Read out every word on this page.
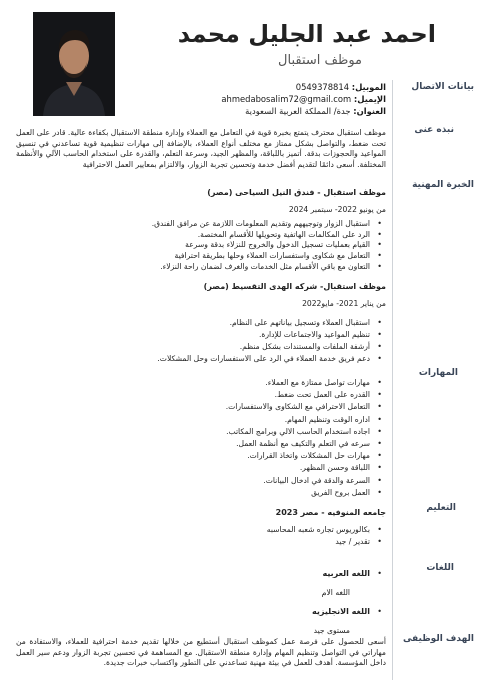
احمد عبد الجليل محمد
موظف استقبال
بيانات الاتصال
نبذه عنى
الخبرة المهنية
المهارات
التعليم
اللغات
الهدف الوظيفى
الموبيل: 0549378814
الإيميل: ahmedabosalim72@gmail.com
العنوان: جدة/ المملكة العربية السعودية
موظف استقبال محترف يتمتع بخبرة قوية في التعامل مع العملاء وإدارة منطقة الاستقبال بكفاءة عالية. قادر على العمل تحت ضغط، والتواصل بشكل ممتاز مع مختلف أنواع العملاء، بالإضافة إلى مهارات تنظيمية قوية تساعدني في تنسيق المواعيد والحجوزات بدقة. أتميز باللباقة، والمظهر الجيد، وسرعة التعلم، والقدرة على استخدام الحاسب الآلي والأنظمة المختلفة. أسعى دائمًا لتقديم أفضل خدمة وتحسين تجربة الزوار، والالتزام بمعايير العمل الاحترافية
موظف استقبال - فندق النيل السياحى (مصر)
من يونيو 2022- سبتمبر 2024
• استقبال الزوار وتوجيههم وتقديم المعلومات اللازمة عن مرافق الفندق.
• الرد على المكالمات الهاتفية وتحويلها للأقسام المختصة.
• القيام بعمليات تسجيل الدخول والخروج للنزلاء بدقة وسرعة
• التعامل مع شكاوى واستفسارات العملاء وحلها بطريقة احترافية
• التعاون مع باقي الأقسام مثل الخدمات والغرف لضمان راحة النزلاء.
موظف استقبال- شركه الهدى التقسيط (مصر)
من يناير 2021- مايو2022
• استقبال العملاء وتسجيل بياناتهم على النظام.
• تنظيم المواعيد والاجتماعات للإدارة.
• أرشفة الملفات والمستندات بشكل منظم.
• دعم فريق خدمة العملاء في الرد على الاستفسارات وحل المشكلات.
• مهارات تواصل ممتازة مع العملاء.
• القدره على العمل تحت ضغط.
• التعامل الاحترافي مع الشكاوى والاستفسارات.
• اداره الوقت وتنظيم المهام.
• اجاده استخدام الحاسب الالي وبرامج المكاتب.
• سرعه في التعلم والتكيف مع أنظمة العمل.
• مهارات حل المشكلات واتخاذ القرارات.
• اللباقة وحسن المظهر.
• السرعة والدقة في ادخال البيانات.
• العمل بروح الفريق
جامعه المنوفيه - مصر 2023
• بكالوريوس تجاره شعبه المحاسبه
• تقدير / جيد
• اللغه العربيه
اللغه الام
• اللغه الانجليزيه
مستوى جيد
أسعى للحصول على فرصة عمل كموظف استقبال أستطيع من خلالها تقديم خدمة احترافية للعملاء، والاستفادة من مهاراتي في التواصل وتنظيم المهام وإدارة منطقة الاستقبال. مع المساهمة في تحسين تجربة الزوار ودعم سير العمل داخل المؤسسة. أهدف للعمل في بيئة مهنية تساعدني على التطور واكتساب خبرات جديدة.
